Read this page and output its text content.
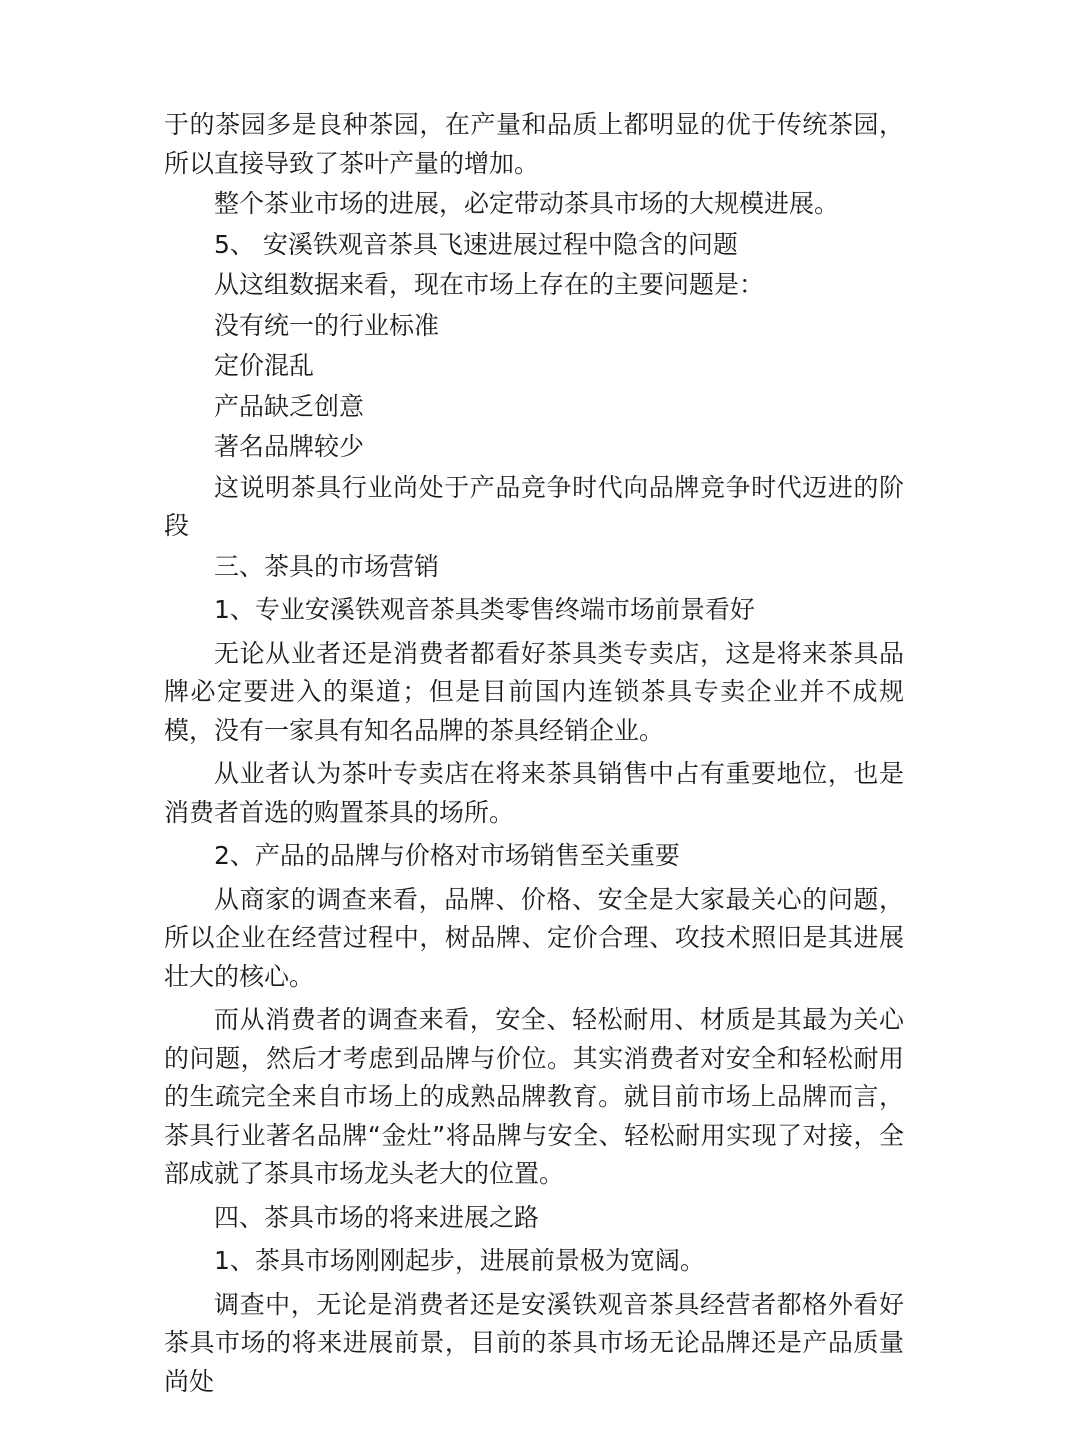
于的茶园多是良种茶园，在产量和品质上都明显的优于传统茶园， 所以直接导致了茶叶产量的增加。

整个茶业市场的进展，必定带动茶具市场的大规模进展。

5、 安溪铁观音茶具飞速进展过程中隐含的问题

从这组数据来看，现在市场上存在的主要问题是：

没有统一的行业标准

定价混乱

产品缺乏创意

著名品牌较少

这说明茶具行业尚处于产品竞争时代向品牌竞争时代迈进的阶段

三、茶具的市场营销

1、专业安溪铁观音茶具类零售终端市场前景看好

无论从业者还是消费者都看好茶具类专卖店，这是将来茶具品牌必定要进入的渠道；但是目前国内连锁茶具专卖企业并不成规模，没有一家具有知名品牌的茶具经销企业。

从业者认为茶叶专卖店在将来茶具销售中占有重要地位，也是消费者首选的购置茶具的场所。

2、产品的品牌与价格对市场销售至关重要

从商家的调查来看，品牌、价格、安全是大家最关心的问题，所以企业在经营过程中，树品牌、定价合理、攻技术照旧是其进展壮大的核心。

而从消费者的调查来看，安全、轻松耐用、材质是其最为关心的问题，然后才考虑到品牌与价位。其实消费者对安全和轻松耐用的生疏完全来自市场上的成熟品牌教育。就目前市场上品牌而言，茶具行业著名品牌“金灶”将品牌与安全、轻松耐用实现了对接，全部成就了茶具市场龙头老大的位置。

四、茶具市场的将来进展之路

1、茶具市场刚刚起步，进展前景极为宽阔。

调查中，无论是消费者还是安溪铁观音茶具经营者都格外看好茶具市场的将来进展前景，目前的茶具市场无论品牌还是产品质量尚处
